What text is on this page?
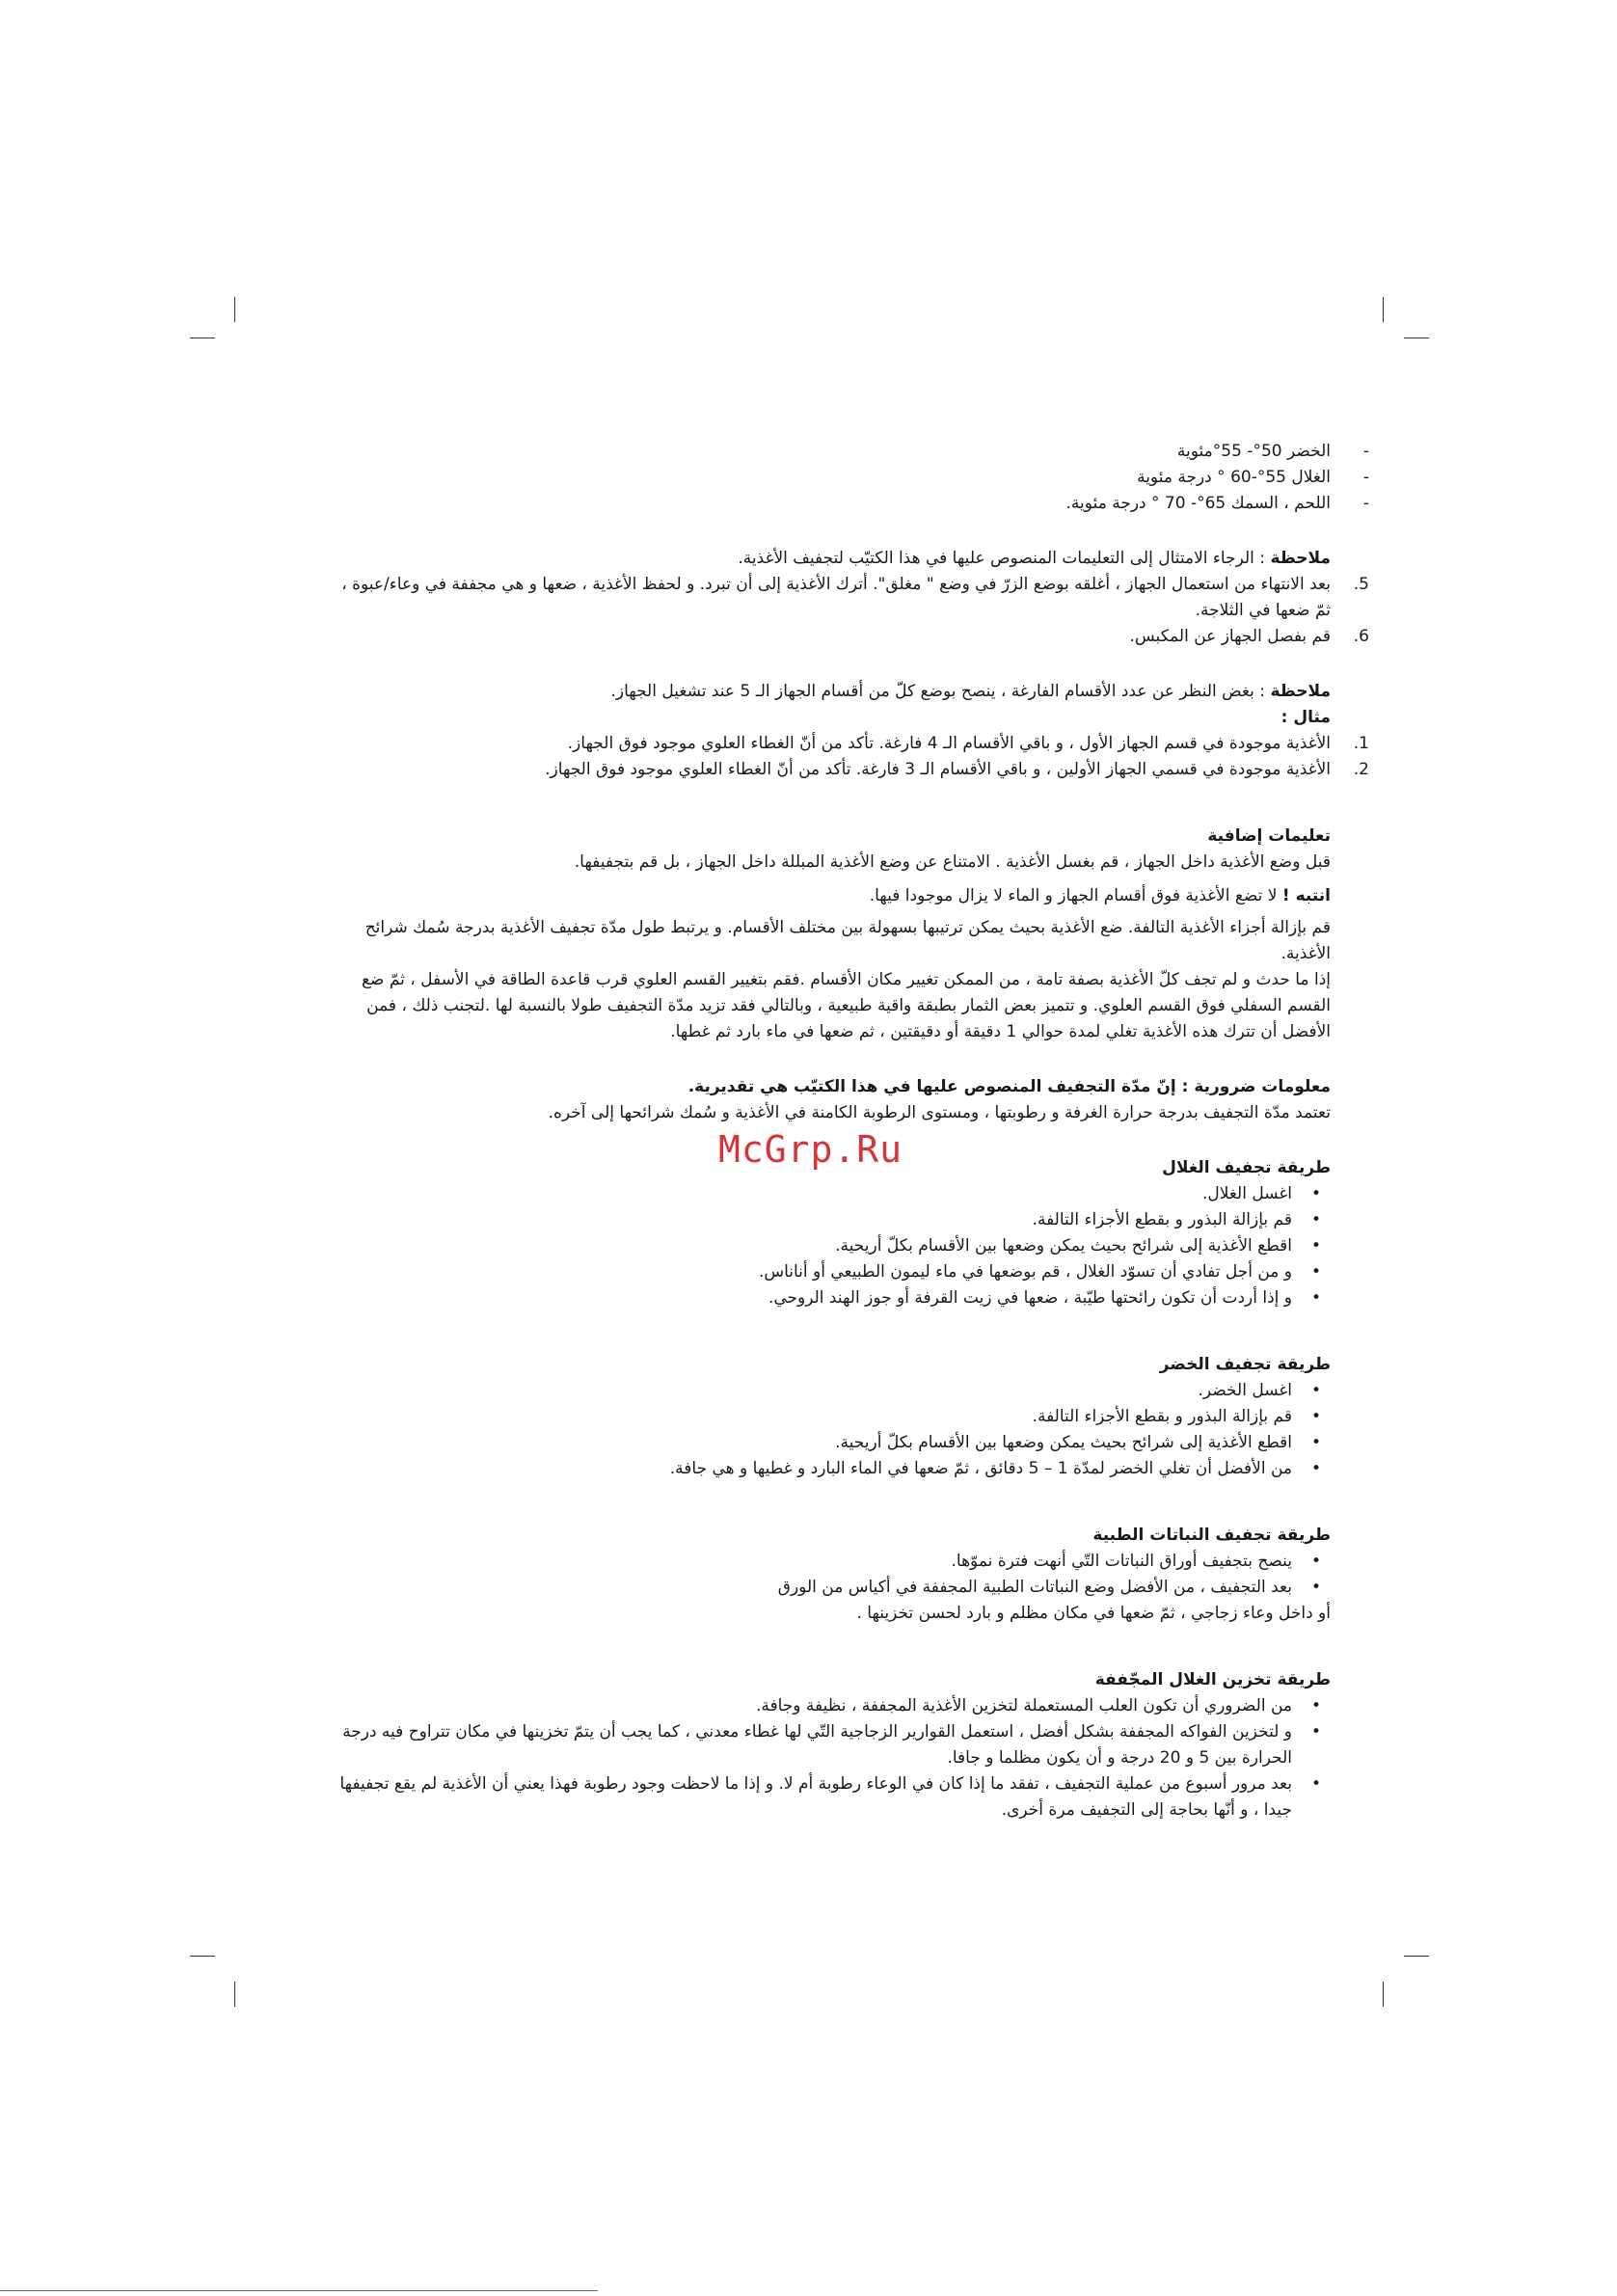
-
الخضر 50°- 55°مئوية
-
الغلال 55°-60 ° درجة مئوية
-
اللحم ، السمك 65°- 70 ° درجة مئوية.

ملاحظة : الرجاء الامتثال إلى التعليمات المنصوص عليها في هذا الكتيّب لتجفيف الأغذية.

5.
بعد الانتهاء من استعمال الجهاز ، أغلقه بوضع الزرّ في وضع " مغلق". أترك الأغذية إلى أن تبرد. و لحفظ الأغذية ، ضعها و هي مجففة في وعاء/عبوة ، ثمّ ضعها في الثلاجة.
6.
قم بفصل الجهاز عن المكبس.

ملاحظة : بغض النظر عن عدد الأقسام الفارغة ، ينصح بوضع كلّ من أقسام الجهاز الـ 5 عند تشغيل الجهاز.

مثال :

1.
الأغذية موجودة في قسم الجهاز الأول ، و باقي الأقسام الـ 4 فارغة. تأكد من أنّ الغطاء العلوي موجود فوق الجهاز.
2.
الأغذية موجودة في قسمي الجهاز الأولين ، و باقي الأقسام الـ 3 فارغة. تأكد من أنّ الغطاء العلوي موجود فوق الجهاز.

تعليمات إضافية

قبل وضع الأغذية داخل الجهاز ، قم بغسل الأغذية . الامتناع عن وضع الأغذية المبللة داخل الجهاز ، بل قم بتجفيفها.

انتبه ! لا تضع الأغذية فوق أقسام الجهاز و الماء لا يزال موجودا فيها.

قم بإزالة أجزاء الأغذية التالفة. ضع الأغذية بحيث يمكن ترتيبها بسهولة بين مختلف الأقسام. و يرتبط طول مدّة تجفيف الأغذية بدرجة سُمك شرائح الأغذية.

إذا ما حدث و لم تجف كلّ الأغذية بصفة تامة ، من الممكن تغيير مكان الأقسام .فقم بتغيير القسم العلوي قرب قاعدة الطاقة في الأسفل ، ثمّ ضع القسم السفلي فوق القسم العلوي. و تتميز بعض الثمار بطبقة واقية طبيعية ، وبالتالي فقد تزيد مدّة التجفيف طولا بالنسبة لها .لتجنب ذلك ، فمن الأفضل أن تترك هذه الأغذية تغلي لمدة حوالي 1 دقيقة أو دقيقتين ، ثم ضعها في ماء بارد ثم غطها.

معلومات ضرورية : إنّ مدّة التجفيف المنصوص عليها في هذا الكتيّب هي تقديرية.

تعتمد مدّة التجفيف بدرجة حرارة الغرفة و رطوبتها ، ومستوى الرطوبة الكامنة في الأغذية و سُمك شرائحها إلى آخره.

طريقة تجفيف الغلال

• اغسل الغلال.
• قم بإزالة البذور و بقطع الأجزاء التالفة.
• اقطع الأغذية إلى شرائح بحيث يمكن وضعها بين الأقسام بكلّ أريحية.
• و من أجل تفادي أن تسوّد الغلال ، قم بوضعها في ماء ليمون الطبيعي أو أناناس.
• و إذا أردت أن تكون رائحتها طيّبة ، ضعها في زيت القرفة أو جوز الهند الروحي.

طريقة تجفيف الخضر

• اغسل الخضر.
• قم بإزالة البذور و بقطع الأجزاء التالفة.
• اقطع الأغذية إلى شرائح بحيث يمكن وضعها بين الأقسام بكلّ أريحية.
• من الأفضل أن تغلي الخضر لمدّة 1 – 5 دقائق ، ثمّ ضعها في الماء البارد و غطيها و هي جافة.

طريقة تجفيف النباتات الطبية

• ينصح بتجفيف أوراق النباتات التّي أنهت فترة نموّها.
• بعد التجفيف ، من الأفضل وضع النباتات الطبية المجففة في أكياس من الورق

أو داخل وعاء زجاجي ، ثمّ ضعها في مكان مظلم و بارد لحسن تخزينها .

طريقة تخزين الغلال المجّففة

• من الضروري أن تكون العلب المستعملة لتخزين الأغذية المجففة ، نظيفة وجافة.
• و لتخزين الفواكه المجففة بشكل أفضل ، استعمل القوارير الزجاجية التّي لها غطاء معدني ، كما يجب أن يتمّ تخزينها في مكان تتراوح فيه درجة الحرارة بين 5 و 20 درجة و أن يكون مظلما و جافا.
• بعد مرور أسبوع من عملية التجفيف ، تفقد ما إذا كان في الوعاء رطوبة أم لا. و إذا ما لاحظت وجود رطوبة فهذا يعني أن الأغذية لم يقع تجفيفها جيدا ، و أنّها بحاجة إلى التجفيف مرة أخرى.
McGrp.Ru
